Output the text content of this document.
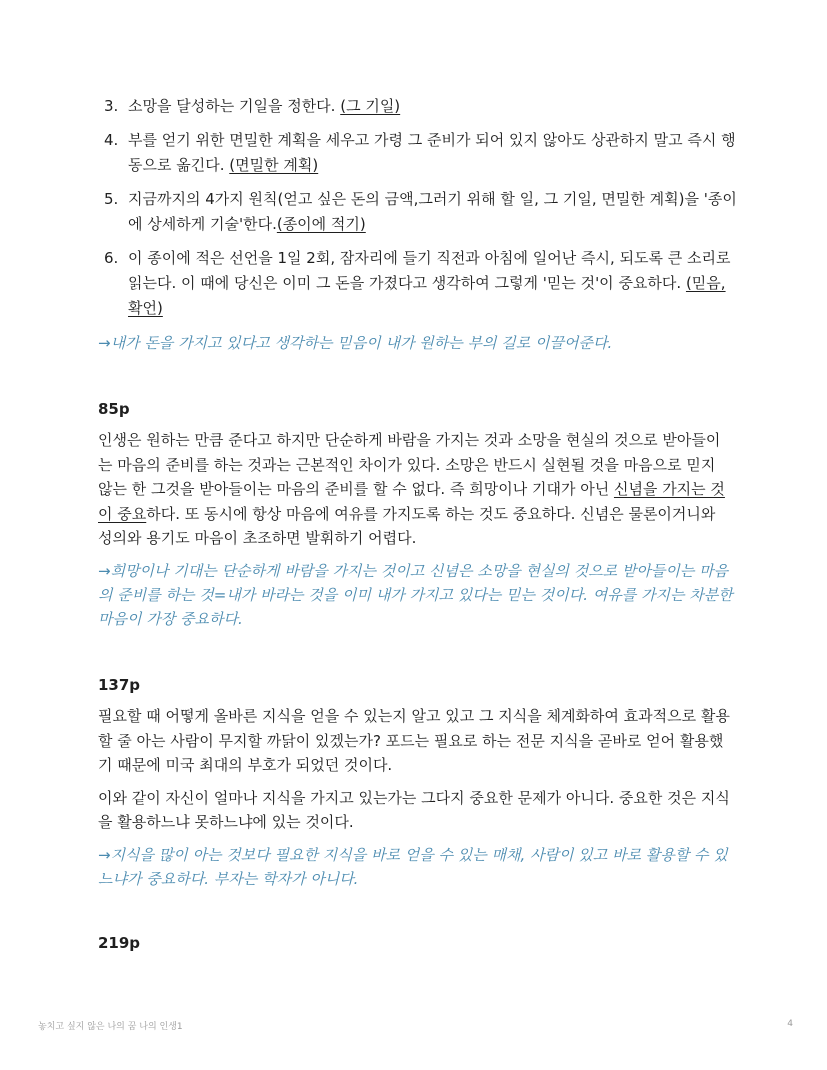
3. 소망을 달성하는 기일을 정한다. (그 기일)
4. 부를 얻기 위한 면밀한 계획을 세우고 가령 그 준비가 되어 있지 않아도 상관하지 말고 즉시 행동으로 옮긴다. (면밀한 계획)
5. 지금까지의 4가지 원칙(얻고 싶은 돈의 금액,그러기 위해 할 일, 그 기일, 면밀한 계획)을 '종이에 상세하게 기술'한다.(종이에 적기)
6. 이 종이에 적은 선언을 1일 2회, 잠자리에 들기 직전과 아침에 일어난 즉시, 되도록 큰 소리로 읽는다. 이 때에 당신은 이미 그 돈을 가졌다고 생각하여 그렇게 '믿는 것'이 중요하다. (믿음,확언)

→내가 돈을 가지고 있다고 생각하는 믿음이 내가 원하는 부의 길로 이끌어준다.

85p

인생은 원하는 만큼 준다고 하지만 단순하게 바람을 가지는 것과 소망을 현실의 것으로 받아들이는 마음의 준비를 하는 것과는 근본적인 차이가 있다. 소망은 반드시 실현될 것을 마음으로 믿지 않는 한 그것을 받아들이는 마음의 준비를 할 수 없다. 즉 희망이나 기대가 아닌 신념을 가지는 것이 중요하다. 또 동시에 항상 마음에 여유를 가지도록 하는 것도 중요하다. 신념은 물론이거니와 성의와 용기도 마음이 초조하면 발휘하기 어렵다.

→희망이나 기대는 단순하게 바람을 가지는 것이고 신념은 소망을 현실의 것으로 받아들이는 마음의 준비를 하는 것=내가 바라는 것을 이미 내가 가지고 있다는 믿는 것이다. 여유를 가지는 차분한 마음이 가장 중요하다.

137p

필요할 때 어떻게 올바른 지식을 얻을 수 있는지 알고 있고 그 지식을 체계화하여 효과적으로 활용할 줄 아는 사람이 무지할 까닭이 있겠는가? 포드는 필요로 하는 전문 지식을 곧바로 얻어 활용했기 때문에 미국 최대의 부호가 되었던 것이다.

이와 같이 자신이 얼마나 지식을 가지고 있는가는 그다지 중요한 문제가 아니다. 중요한 것은 지식을 활용하느냐 못하느냐에 있는 것이다.

→지식을 많이 아는 것보다 필요한 지식을 바로 얻을 수 있는 매채, 사람이 있고 바로 활용할 수 있느냐가 중요하다. 부자는 학자가 아니다.

219p
놓치고 싶지 않은 나의 꿈 나의 인생1	4
